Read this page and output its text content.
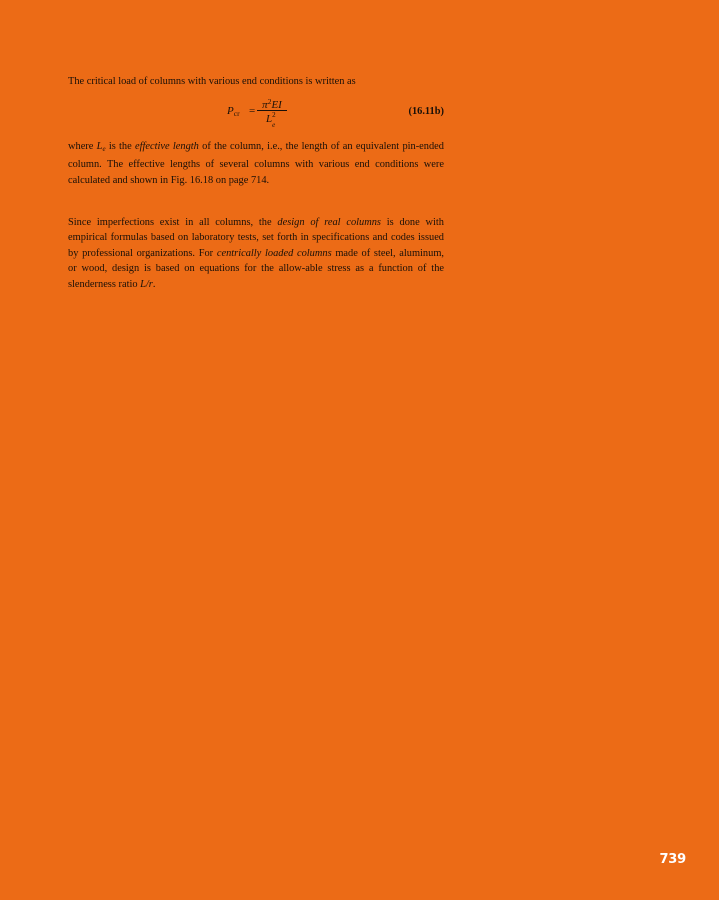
The critical load of columns with various end conditions is written as

$P_{cr} = \pi^2EI$
L 2
e
(16.11b)

where Le is the effective length of the column, i.e., the length of an equivalent pin-ended column. The effective lengths of several columns with various end conditions were calculated and shown in Fig. 16.18 on page 714.

Since imperfections exist in all columns, the design of real columns is done with empirical formulas based on laboratory tests, set forth in specifications and codes issued by professional organizations. For centrically loaded columns made of steel, aluminum, or wood, design is based on equations for the allow-able stress as a function of the slenderness ratio L/r.

739
